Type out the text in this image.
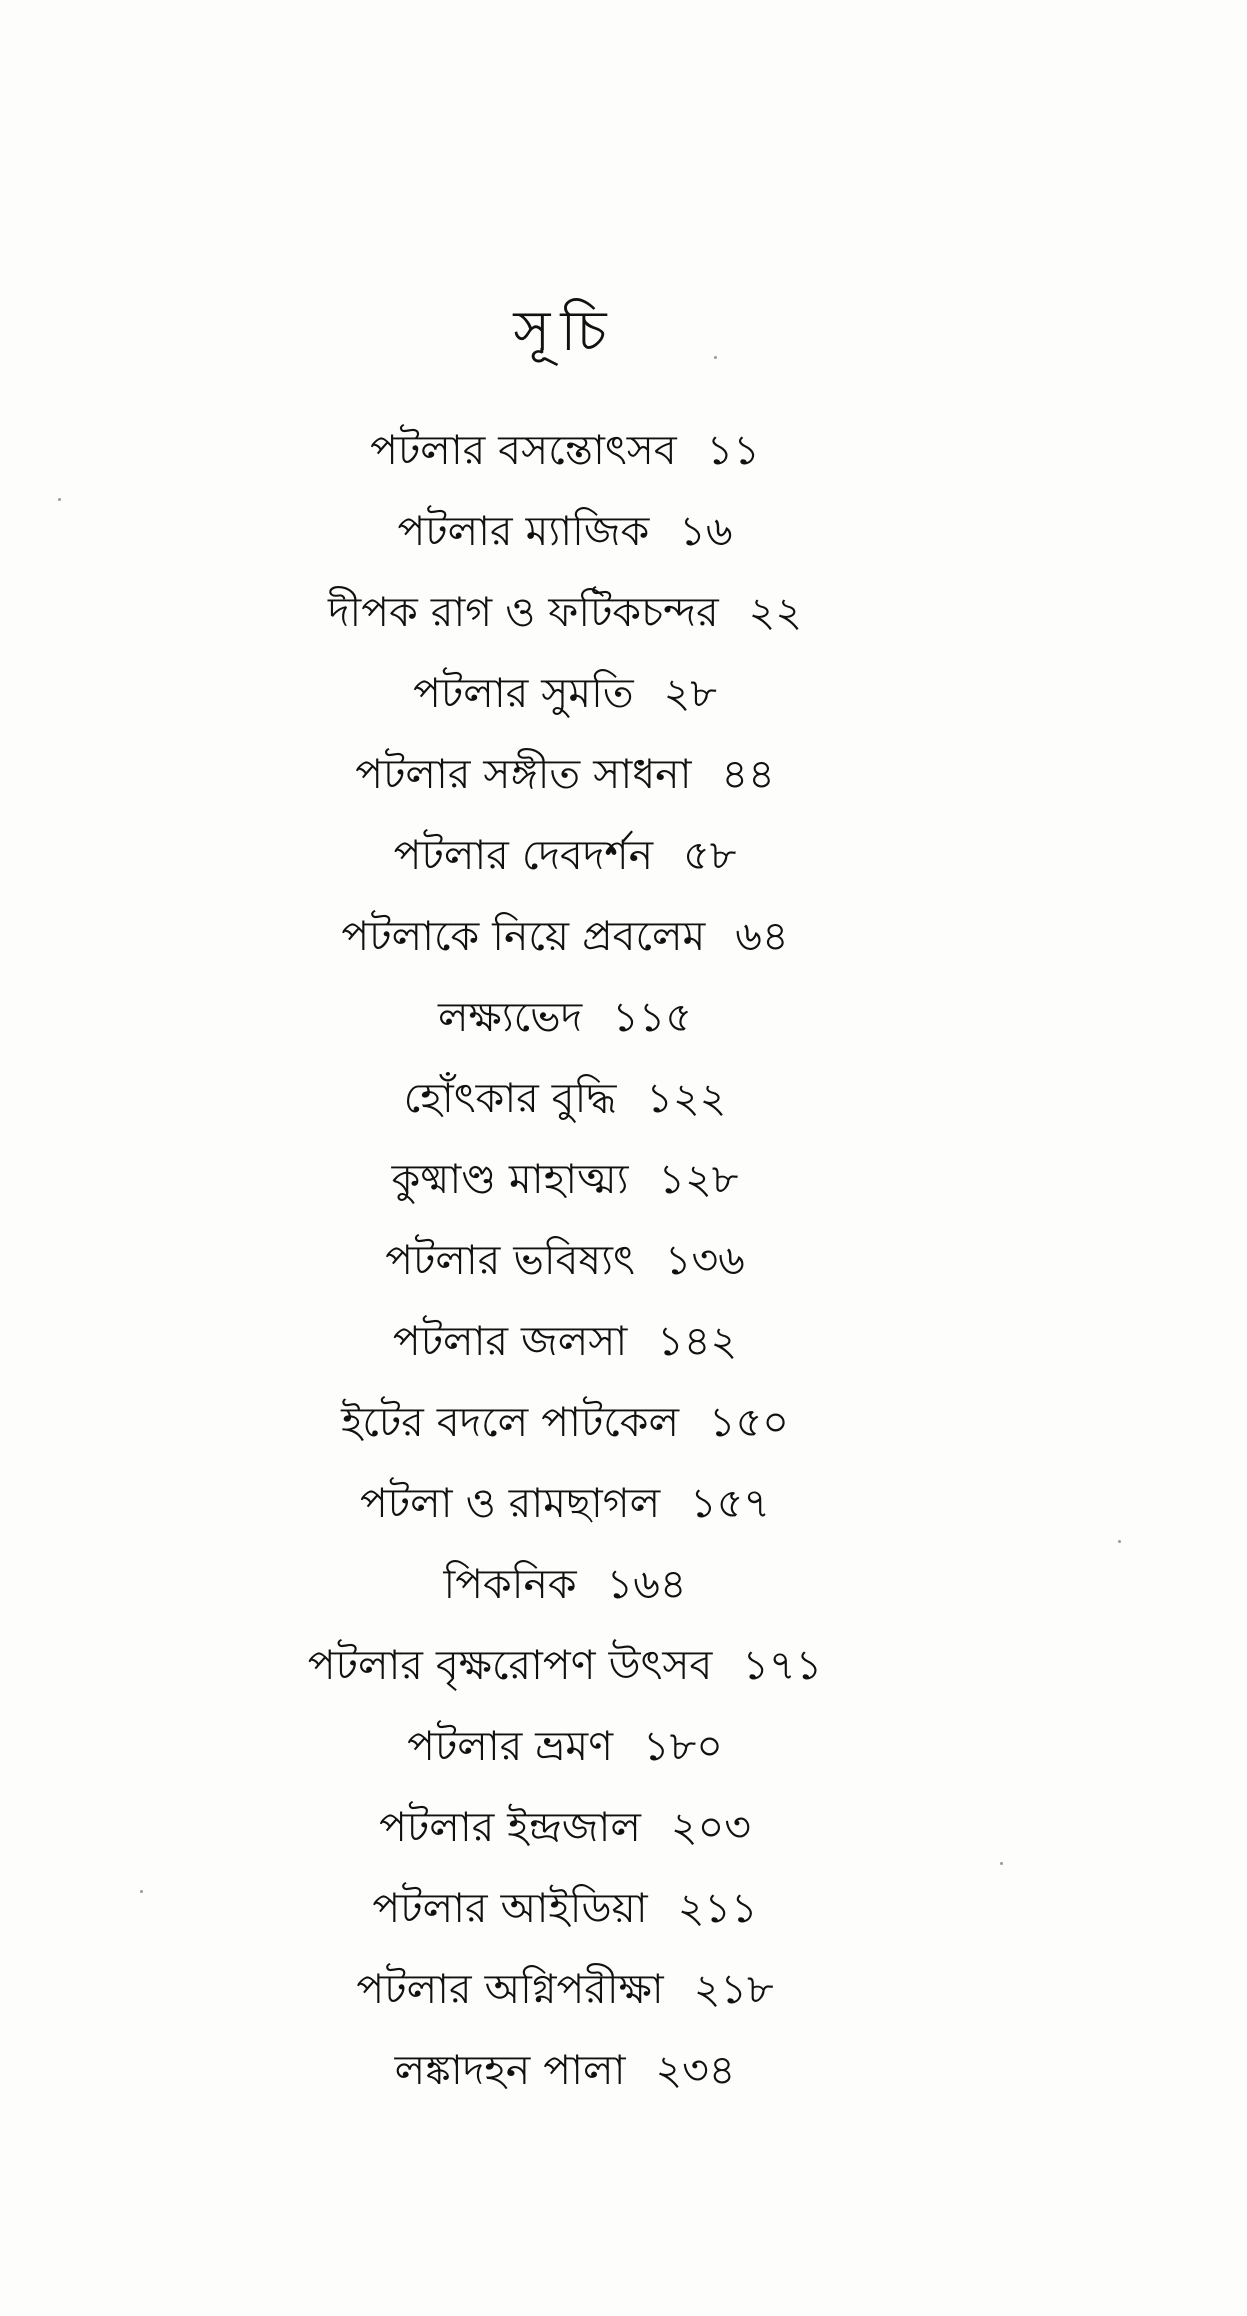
সূচি
পটলার বসন্তোৎসব ১১
পটলার ম্যাজিক ১৬
দীপক রাগ ও ফটিকচন্দর ২২
পটলার সুমতি ২৮
পটলার সঙ্গীত সাধনা ৪৪
পটলার দেবদর্শন ৫৮
পটলাকে নিয়ে প্রবলেম ৬৪
লক্ষ্যভেদ ১১৫
হোঁৎকার বুদ্ধি ১২২
কুষ্মাণ্ড মাহাত্ম্য ১২৮
পটলার ভবিষ্যৎ ১৩৬
পটলার জলসা ১৪২
ইটের বদলে পাটকেল ১৫০
পটলা ও রামছাগল ১৫৭
পিকনিক ১৬৪
পটলার বৃক্ষরোপণ উৎসব ১৭১
পটলার ভ্রমণ ১৮০
পটলার ইন্দ্রজাল ২০৩
পটলার আইডিয়া ২১১
পটলার অগ্নিপরীক্ষা ২১৮
লঙ্কাদহন পালা ২৩৪
